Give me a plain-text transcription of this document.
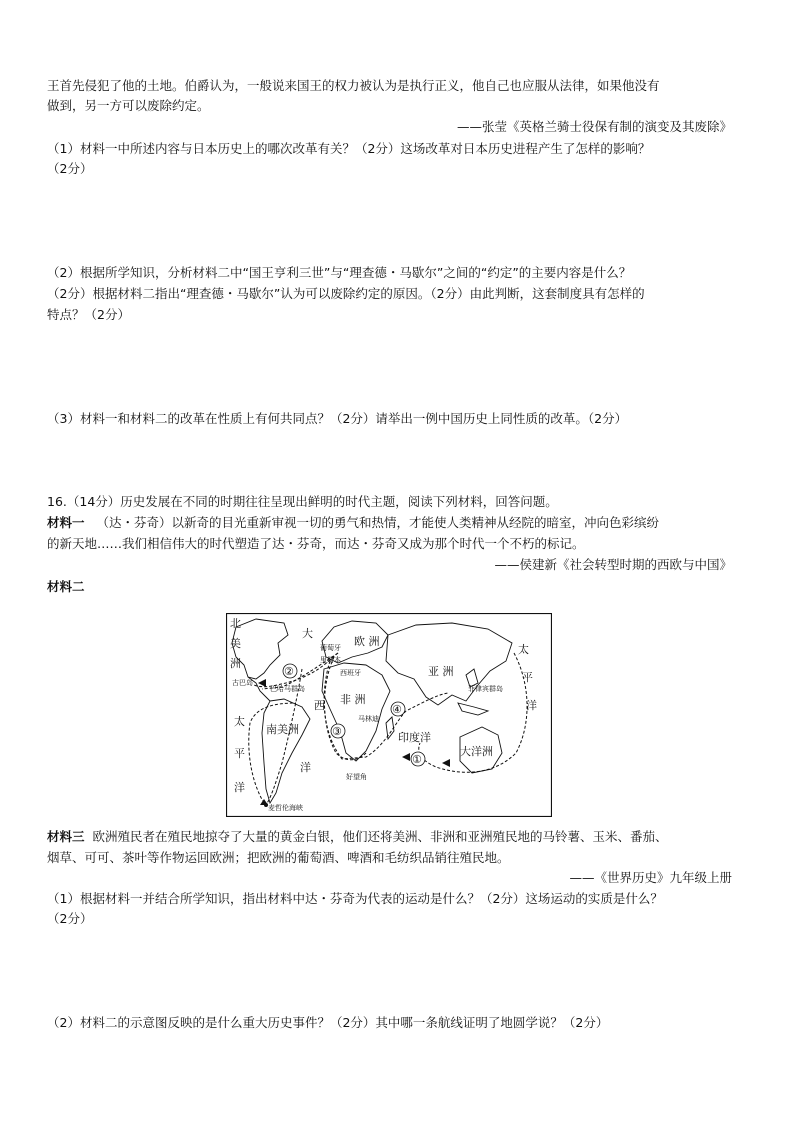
王首先侵犯了他的土地。伯爵认为，一般说来国王的权力被认为是执行正义，他自己也应服从法律，如果他没有
做到，另一方可以废除约定。
——张莹《英格兰骑士役保有制的演变及其废除》
（1）材料一中所述内容与日本历史上的哪次改革有关？（2分）这场改革对日本历史进程产生了怎样的影响？
（2分）
（2）根据所学知识，分析材料二中“国王亨利三世”与“理查德・马歇尔”之间的“约定”的主要内容是什么？
（2分）根据材料二指出“理查德・马歇尔”认为可以废除约定的原因。（2分）由此判断，这套制度具有怎样的
特点？（2分）
（3）材料一和材料二的改革在性质上有何共同点？（2分）请举出一例中国历史上同性质的改革。（2分）
16.（14分）历史发展在不同的时期往往呈现出鲜明的时代主题，阅读下列材料，回答问题。
材料一 （达・芬奇）以新奇的目光重新审视一切的勇气和热情，才能使人类精神从经院的暗室，冲向色彩缤纷
的新天地……我们相信伟大的时代塑造了达・芬奇，而达・芬奇又成为那个时代一个不朽的标记。
——侯建新《社会转型时期的西欧与中国》
材料二
北
美
洲
大
西
洋
欧 洲
亚 洲
非 洲
南美洲
印度洋
大洋洲
太
平
洋
太
平
洋
葡萄牙
里斯本
西班牙
古巴岛
巴哈马群岛	菲律宾群岛
马林迪
好望角
麦哲伦海峡
①
②
③
④
材料三 欧洲殖民者在殖民地掠夺了大量的黄金白银，他们还将美洲、非洲和亚洲殖民地的马铃薯、玉米、番茄、
烟草、可可、茶叶等作物运回欧洲；把欧洲的葡萄酒、啤酒和毛纺织品销往殖民地。
——《世界历史》九年级上册
（1）根据材料一并结合所学知识，指出材料中达・芬奇为代表的运动是什么？（2分）这场运动的实质是什么？
（2分）
（2）材料二的示意图反映的是什么重大历史事件？（2分）其中哪一条航线证明了地圆学说？（2分）
